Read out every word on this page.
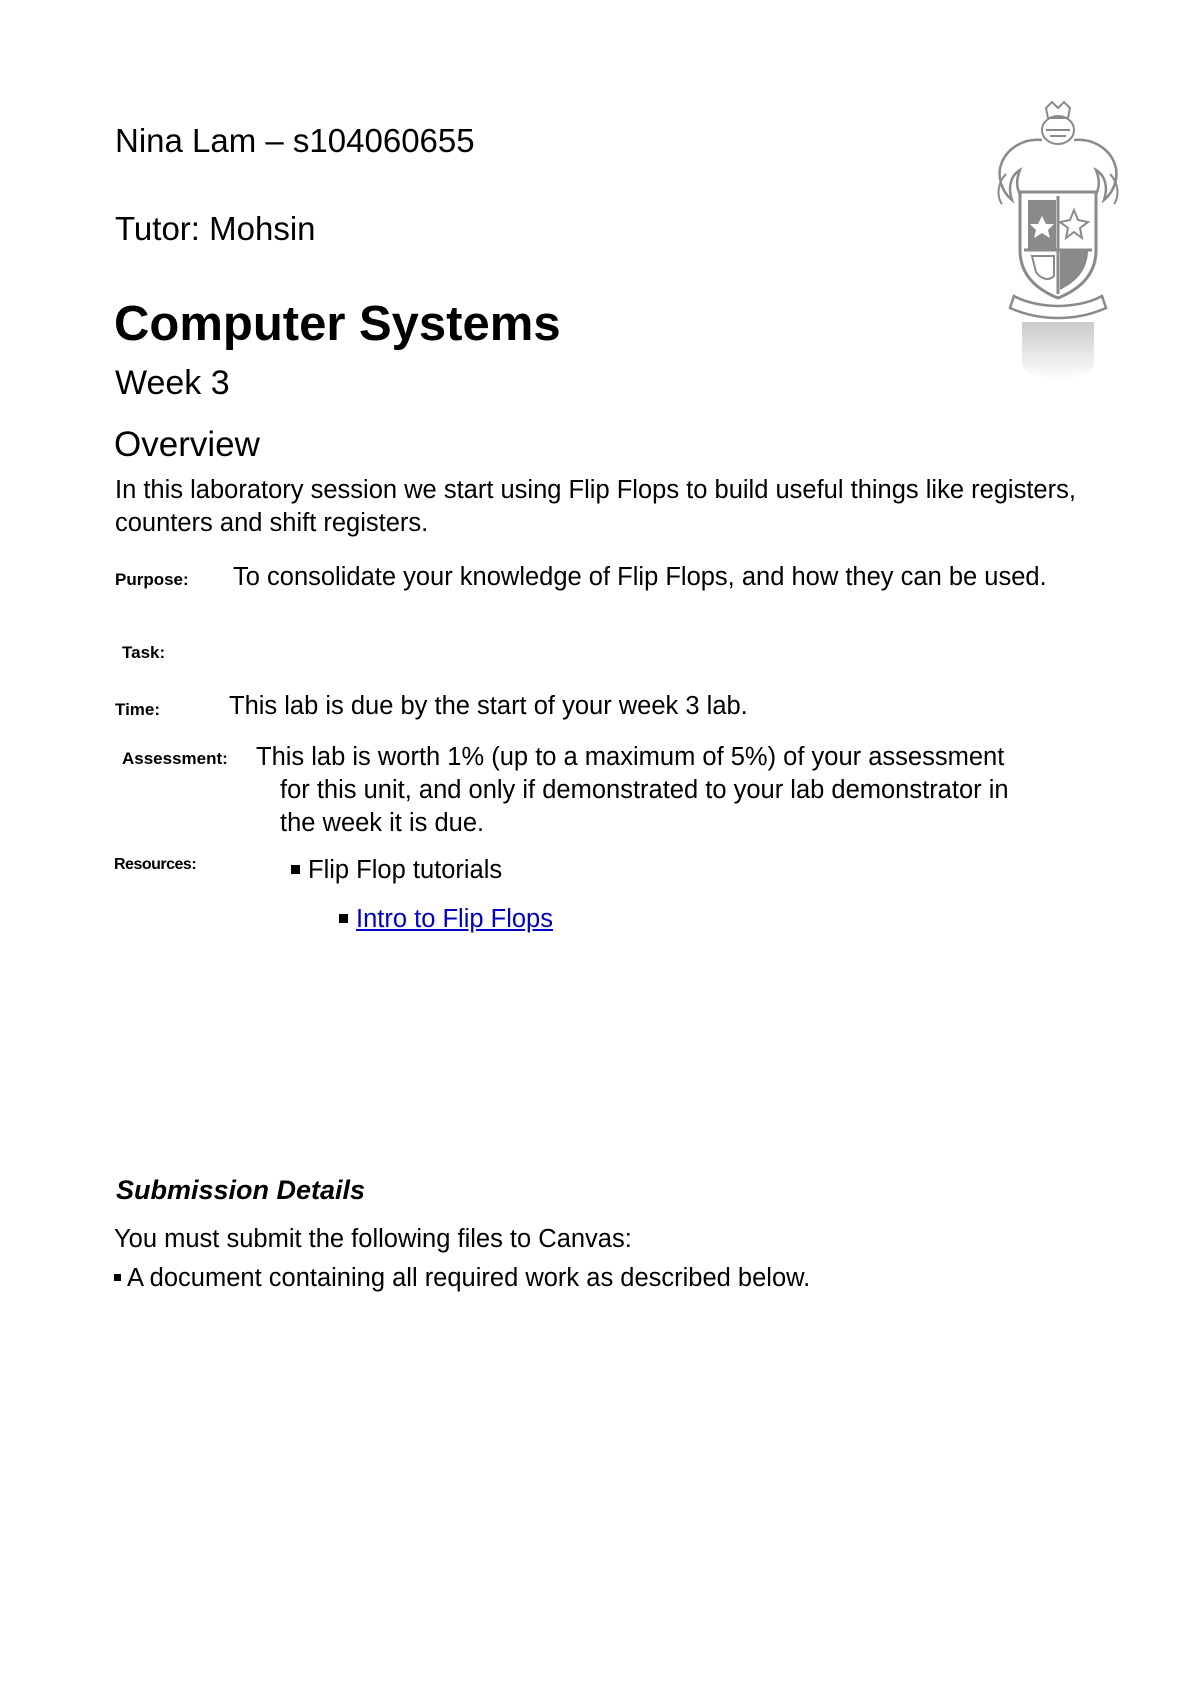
Nina Lam – s104060655
Tutor: Mohsin
Computer Systems
Week 3
Overview
In this laboratory session we start using Flip Flops to build useful things like registers, counters and shift registers.
To consolidate your knowledge of Flip Flops, and how they can be used.
Purpose:
Task:
Time:	This lab is due by the start of your week 3 lab.
Assessment: This lab is worth 1% (up to a maximum of 5%) of your assessment
for this unit, and only if demonstrated to your lab demonstrator in
the week it is due.
Resources:	Flip Flop tutorials
Intro to Flip Flops
Submission Details
You must submit the following files to Canvas:
A document containing all required work as described below.
